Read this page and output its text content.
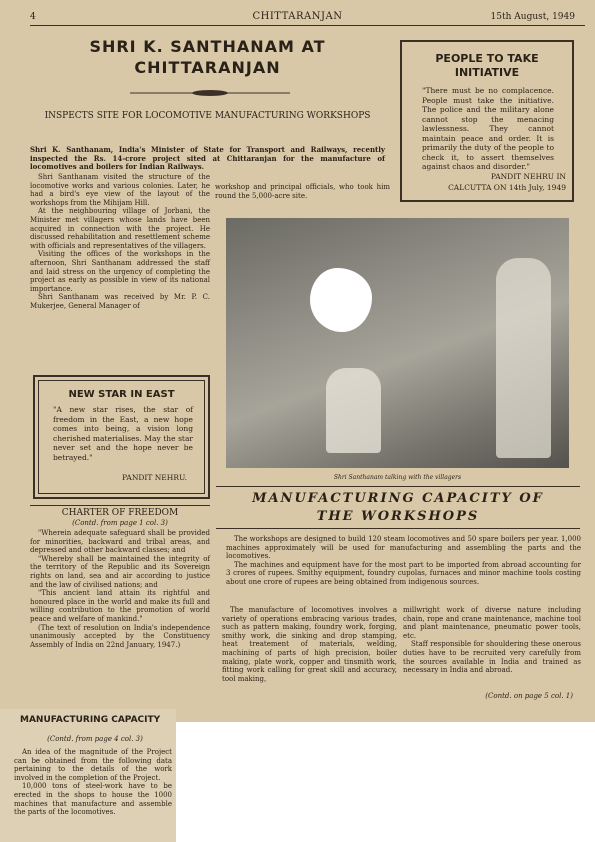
4	CHITTARANJAN	15th August, 1949
SHRI K. SANTHANAM AT
CHITTARANJAN
INSPECTS SITE FOR LOCOMOTIVE MANUFACTURING WORKSHOPS
Shri K. Santhanam, India's Minister of State for Transport and Railways, recently inspected the Rs. 14-crore project sited at Chittaranjan for the manufacture of locomotives and boilers for Indian Railways.

Shri Santhanam visited the structure of the locomotive works and various colonies. Later, he had a bird's eye view of the layout of the workshops from the Mihijam Hill.

At the neighbouring village of Jorbani, the Minister met villagers whose lands have been acquired in connection with the project. He discussed rehabilitation and resettlement scheme with officials and representatives of the villagers.

Visiting the offices of the workshops in the afternoon, Shri Santhanam addressed the staff and laid stress on the urgency of completing the project as early as possible in view of its national importance.

Shri Santhanam was received by Mr. P. C. Mukerjee, General Manager of

workshop and principal officials, who took him round the 5,000-acre site.
PEOPLE TO TAKE
INITIATIVE
"There must be no complacence. People must take the initiative. The police and the military alone cannot stop the menacing lawlessness. They cannot maintain peace and order. It is primarily the duty of the people to check it, to assert themselves against chaos and disorder."
PANDIT NEHRU IN
CALCUTTA ON 14th July, 1949
Shri Santhanam talking with the villagers
NEW STAR IN EAST
"A new star rises, the star of freedom in the East, a new hope comes into being, a vision long cherished materialises. May the star never set and the hope never be betrayed."
PANDIT NEHRU.
CHARTER OF FREEDOM
(Contd. from page 1 col. 3)

"Wherein adequate safeguard shall be provided for minorities, backward and tribal areas, and depressed and other backward classes; and

"Whereby shall be maintained the integrity of the territory of the Republic and its Sovereign rights on land, sea and air according to justice and the law of civilised nations; and

"This ancient land attain its rightful and honoured place in the world and make its full and willing contribution to the promotion of world peace and welfare of mankind."

(The text of resolution on India's independence unanimously accepted by the Constituency Assembly of India on 22nd January, 1947.)

MANUFACTURING CAPACITY OF
THE WORKSHOPS

The workshops are designed to build 120 steam locomotives and 50 spare boilers per year. 1,000 machines approximately will be used for manufacturing and assembling the parts and the locomotives.

The machines and equipment have for the most part to be imported from abroad accounting for 3 crores of rupees. Smithy equipment, foundry cupolas, furnaces and minor machine tools costing about one crore of rupees are being obtained from indigenous sources.

The manufacture of locomotives involves a variety of operations embracing various trades, such as pattern making, foundry work, forging, smithy work, die sinking and drop stamping, heat treatement of materials, welding, machining of parts of high precision, boiler making, plate work, copper and tinsmith work, fitting work calling for great skill and accuracy, tool making,

millwright work of diverse nature including chain, rope and crane maintenance, machine tool and plant maintenance, pneumatic power tools, etc.

Staff responsible for shouldering these onerous duties have to be recruited very carefully from the sources available in India and trained as necessary in India and abroad.

(Contd. on page 5 col. 1)
MANUFACTURING CAPACITY
(Contd. from page 4 col. 3)

An idea of the magnitude of the Project can be obtained from the following data pertaining to the details of the work involved in the completion of the Project.

10,000 tons of steel-work have to be erected in the shops to house the 1000 machines that manufacture and assemble the parts of the locomotives.
